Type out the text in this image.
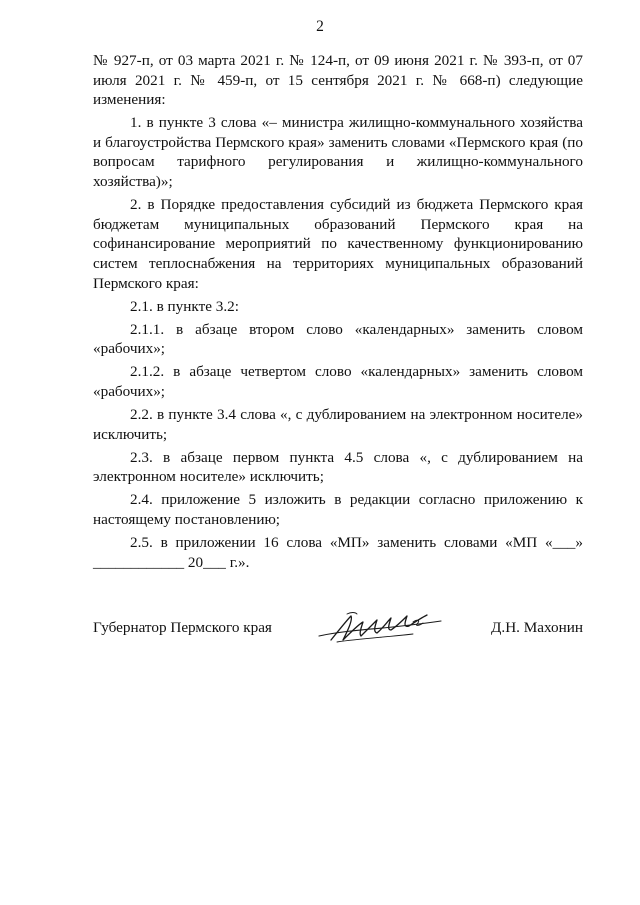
2

№ 927-п, от 03 марта 2021 г. № 124-п, от 09 июня 2021 г. № 393-п, от 07 июля 2021 г. № 459-п, от 15 сентября 2021 г. № 668-п) следующие изменения:

1. в пункте 3 слова «– министра жилищно-коммунального хозяйства и благоустройства Пермского края» заменить словами «Пермского края (по вопросам тарифного регулирования и жилищно-коммунального хозяйства)»;

2. в Порядке предоставления субсидий из бюджета Пермского края бюджетам муниципальных образований Пермского края на софинансирование мероприятий по качественному функционированию систем теплоснабжения на территориях муниципальных образований Пермского края:

2.1. в пункте 3.2:

2.1.1. в абзаце втором слово «календарных» заменить словом «рабочих»;

2.1.2. в абзаце четвертом слово «календарных» заменить словом «рабочих»;

2.2. в пункте 3.4 слова «, с дублированием на электронном носителе» исключить;

2.3. в абзаце первом пункта 4.5 слова «, с дублированием на электронном носителе» исключить;

2.4. приложение 5 изложить в редакции согласно приложению к настоящему постановлению;

2.5. в приложении 16 слова «МП» заменить словами «МП «___» ____________ 20___ г.».

Губернатор Пермского края	Д.Н. Махонин
